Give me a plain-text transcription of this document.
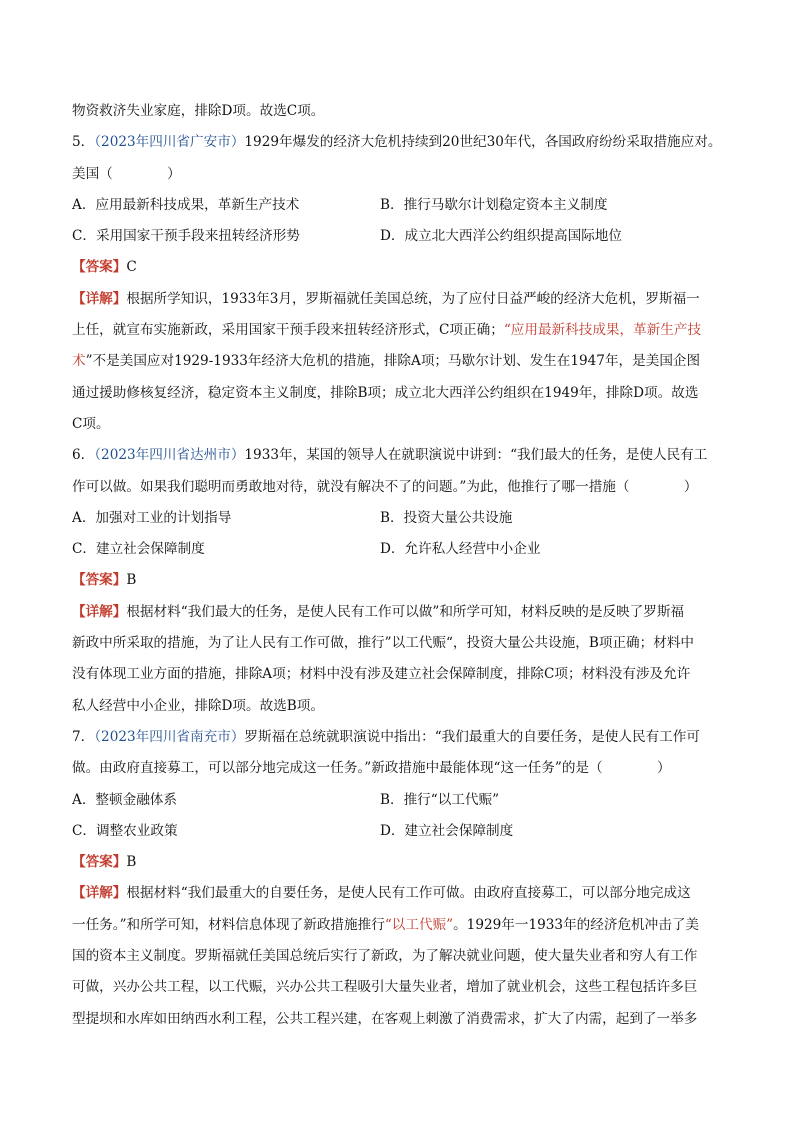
物资救济失业家庭，排除D项。故选C项。
5．（2023年四川省广安市）1929年爆发的经济大危机持续到20世纪30年代，各国政府纷纷采取措施应对。
美国（　　　　）
A．应用最新科技成果，革新生产技术	B．推行马歇尔计划稳定资本主义制度
C．采用国家干预手段来扭转经济形势	D．成立北大西洋公约组织提高国际地位
【答案】C
【详解】根据所学知识，1933年3月，罗斯福就任美国总统，为了应付日益严峻的经济大危机，罗斯福一
上任，就宣布实施新政，采用国家干预手段来扭转经济形式，C项正确；“应用最新科技成果，革新生产技
术”不是美国应对1929-1933年经济大危机的措施，排除A项；马歇尔计划、发生在1947年，是美国企图
通过援助修核复经济，稳定资本主义制度，排除B项；成立北大西洋公约组织在1949年，排除D项。故选
C项。
6．（2023年四川省达州市）1933年，某国的领导人在就职演说中讲到：“我们最大的任务，是使人民有工
作可以做。如果我们聪明而勇敢地对待，就没有解决不了的问题。”为此，他推行了哪一措施（　　　　）
A．加强对工业的计划指导	B．投资大量公共设施
C．建立社会保障制度	D．允许私人经营中小企业
【答案】B
【详解】根据材料“我们最大的任务，是使人民有工作可以做”和所学可知，材料反映的是反映了罗斯福
新政中所采取的措施，为了让人民有工作可做，推行”以工代赈“，投资大量公共设施，B项正确；材料中
没有体现工业方面的措施，排除A项；材料中没有涉及建立社会保障制度，排除C项；材料没有涉及允许
私人经营中小企业，排除D项。故选B项。
7．（2023年四川省南充市）罗斯福在总统就职演说中指出：“我们最重大的自要任务，是使人民有工作可
做。由政府直接募工，可以部分地完成这一任务。”新政措施中最能体现“这一任务”的是（　　　　）
A．整顿金融体系	B．推行“以工代赈”
C．调整农业政策	D．建立社会保障制度
【答案】B
【详解】根据材料“我们最重大的自要任务，是使人民有工作可做。由政府直接募工，可以部分地完成这
一任务。”和所学可知，材料信息体现了新政措施推行“以工代赈”。1929年一1933年的经济危机冲击了美
国的资本主义制度。罗斯福就任美国总统后实行了新政，为了解决就业问题，使大量失业者和穷人有工作
可做，兴办公共工程，以工代赈，兴办公共工程吸引大量失业者，增加了就业机会，这些工程包括许多巨
型提坝和水库如田纳西水利工程，公共工程兴建，在客观上刺激了消费需求，扩大了内需，起到了一举多
